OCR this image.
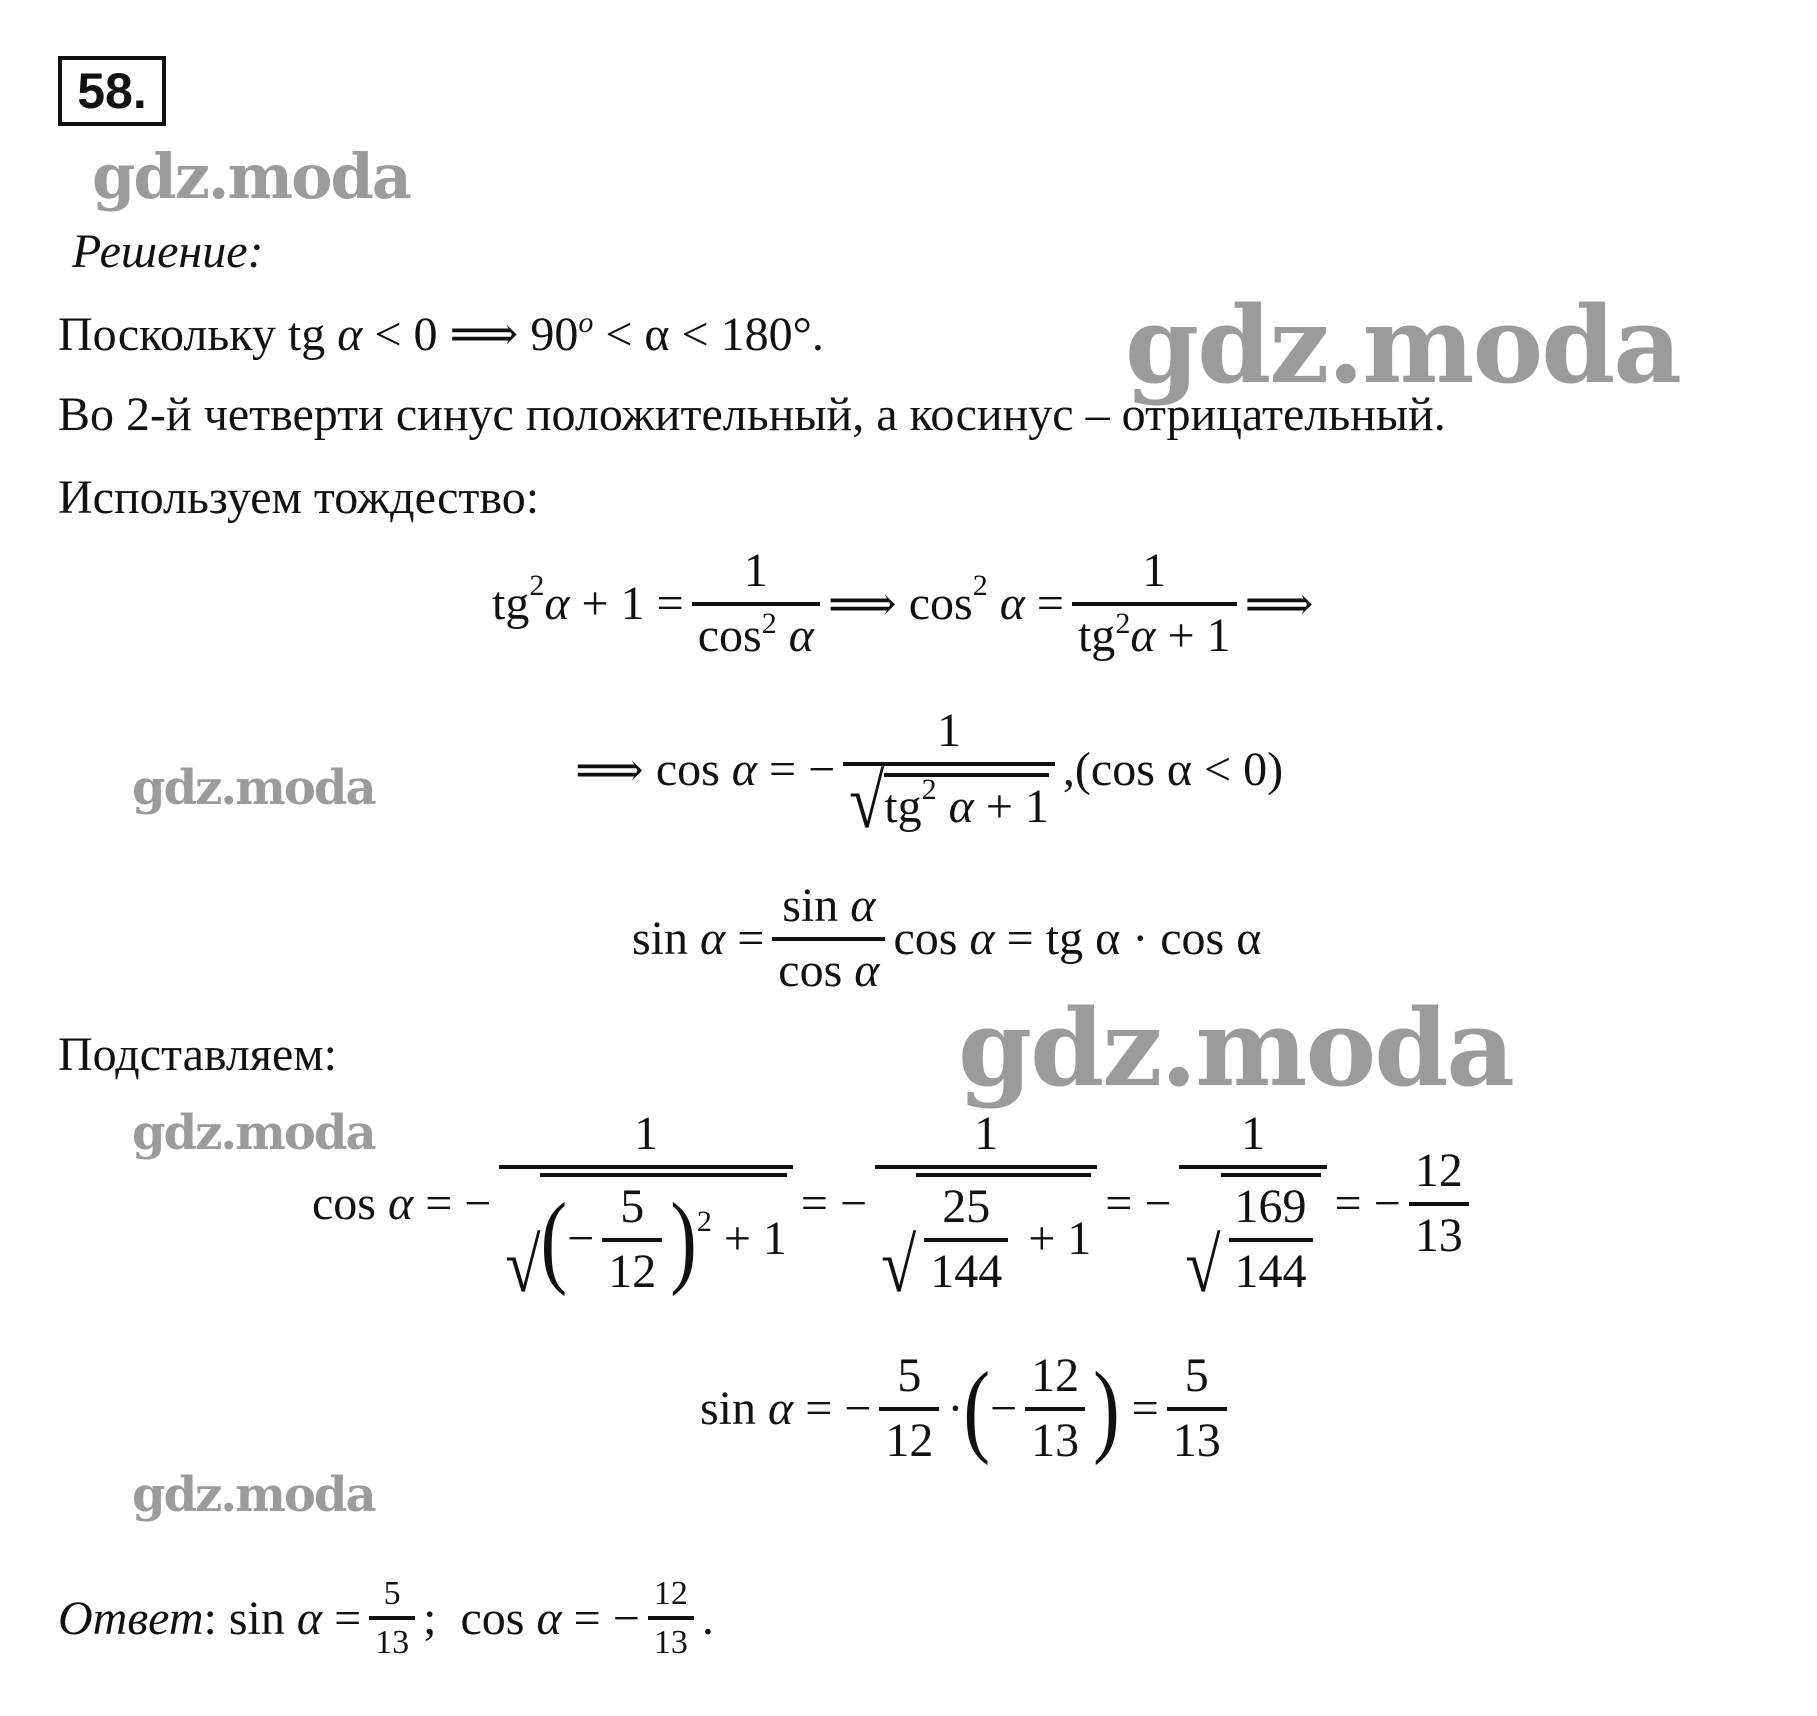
58.
gdz.moda
gdz.moda
gdz.moda
gdz.moda
gdz.moda
gdz.moda
Решение:
Поскольку tg α < 0 ⟹ $90^o < \alpha < 180^\circ$.
Во 2-й четверти синус положительный, а косинус – отрицательный.
Используем тождество:
tg 2 α
+ 1
= $\frac{1}{\cos^2 \alpha}$ ⟹
cos 2
α
= $\frac{1}{tg^2\alpha + 1}$ ⟹
⟹
cos
α
=
− 1
√ tg 2
α
+ 1 , (cos α < 0)
sin
α
= $\frac{\text{sin α}}{\text{cos α}}$ cos
α
= tg α · cos α
Подставляем:
cos
α
=
− 1
√ ( − $\frac{5}{12}$ ) 2
+ 1 =
− 1
√ $\frac{25}{144}$
+ 1 =
− $\frac{1}{√ \frac{169}{144}}$ =
− $\frac{12}{13}$
sin
α
=
− $\frac{5}{12}$ · ( − $\frac{12}{13}$ )
= $\frac{5}{13}$
Ответ : sin
α
= $\frac{5}{13}$ ; cos
α
=
− $\frac{12}{13}$ .
